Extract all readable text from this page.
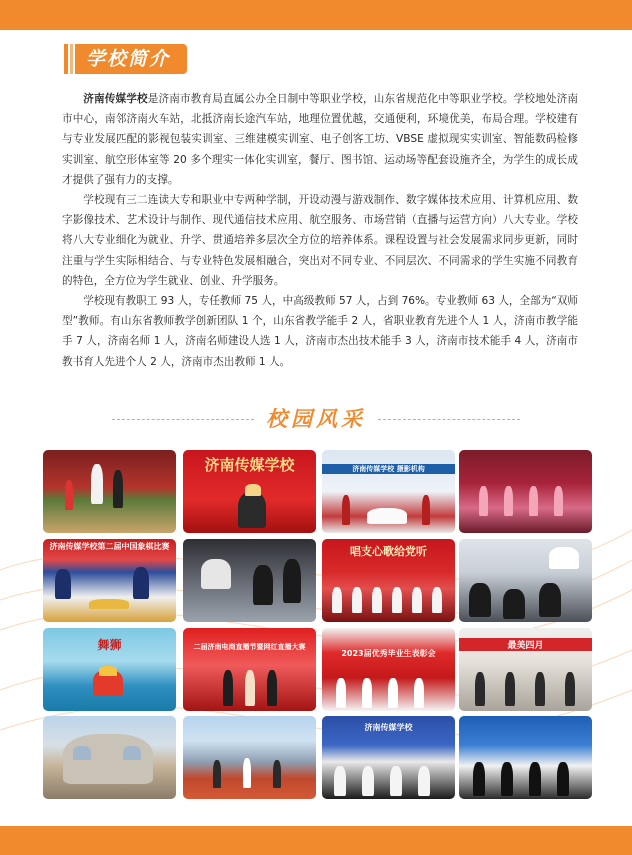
学校简介

济南传媒学校是济南市教育局直属公办全日制中等职业学校，山东省规范化中等职业学校。学校地处济南市中心，南邻济南火车站，北抵济南长途汽车站，地理位置优越，交通便利，环境优美，布局合理。学校建有与专业发展匹配的影视包装实训室、三维建模实训室、电子创客工坊、VBSE 虚拟现实实训室、智能数码检修实训室、航空形体室等 20 多个理实一体化实训室，餐厅、图书馆、运动场等配套设施齐全，为学生的成长成才提供了强有力的支撑。

学校现有三二连读大专和职业中专两种学制，开设动漫与游戏制作、数字媒体技术应用、计算机应用、数字影像技术、艺术设计与制作、现代通信技术应用、航空服务、市场营销（直播与运营方向）八大专业。学校将八大专业细化为就业、升学、贯通培养多层次全方位的培养体系。课程设置与社会发展需求同步更新，同时注重与学生实际相结合、与专业特色发展相融合，突出对不同专业、不同层次、不同需求的学生实施不同教育的特色，全方位为学生就业、创业、升学服务。

学校现有教职工 93 人，专任教师 75 人，中高级教师 57 人，占到 76%。专业教师 63 人，全部为“双师型”教师。有山东省教师教学创新团队 1 个，山东省教学能手 2 人，省职业教育先进个人 1 人，济南市教学能手 7 人，济南名师 1 人，济南名师建设人选 1 人，济南市杰出技术能手 3 人，济南市技术能手 4 人，济南市教书育人先进个人 2 人，济南市杰出教师 1 人。

校园风采
济南传媒学校	济南传媒学校 摄影机构
济南传媒学校第二届中国象棋比赛	唱支心歌给党听
舞狮	二届济南电商直播节暨网红直播大赛
2023届优秀毕业生表彰会
最美四月
济南传媒学校
